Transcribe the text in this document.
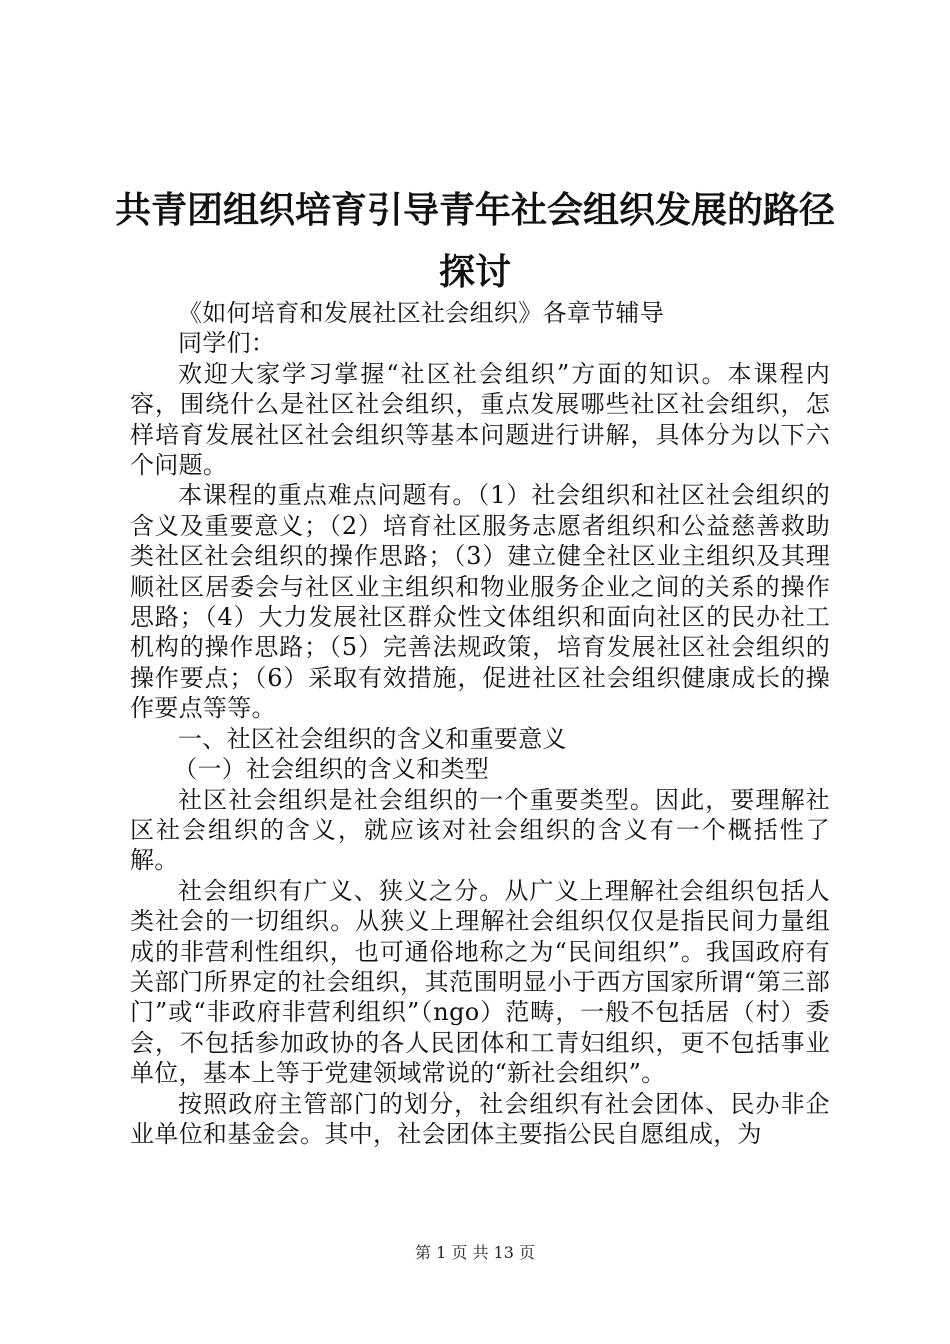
共青团组织培育引导青年社会组织发展的路径探讨

《如何培育和发展社区社会组织》各章节辅导

同学们：

欢迎大家学习掌握“社区社会组织”方面的知识。本课程内容，围绕什么是社区社会组织，重点发展哪些社区社会组织，怎样培育发展社区社会组织等基本问题进行讲解，具体分为以下六个问题。

本课程的重点难点问题有。（1）社会组织和社区社会组织的含义及重要意义；（2）培育社区服务志愿者组织和公益慈善救助类社区社会组织的操作思路；（3）建立健全社区业主组织及其理顺社区居委会与社区业主组织和物业服务企业之间的关系的操作思路；（4）大力发展社区群众性文体组织和面向社区的民办社工机构的操作思路；（5）完善法规政策，培育发展社区社会组织的操作要点；（6）采取有效措施，促进社区社会组织健康成长的操作要点等等。

一、社区社会组织的含义和重要意义

（一）社会组织的含义和类型

社区社会组织是社会组织的一个重要类型。因此，要理解社区社会组织的含义，就应该对社会组织的含义有一个概括性了解。

社会组织有广义、狭义之分。从广义上理解社会组织包括人类社会的一切组织。从狭义上理解社会组织仅仅是指民间力量组成的非营利性组织，也可通俗地称之为“民间组织”。我国政府有关部门所界定的社会组织，其范围明显小于西方国家所谓“第三部门”或“非政府非营利组织”（ngo）范畴，一般不包括居（村）委会，不包括参加政协的各人民团体和工青妇组织，更不包括事业单位，基本上等于党建领域常说的“新社会组织”。

按照政府主管部门的划分，社会组织有社会团体、民办非企业单位和基金会。其中，社会团体主要指公民自愿组成，为

第 1 页 共 13 页
